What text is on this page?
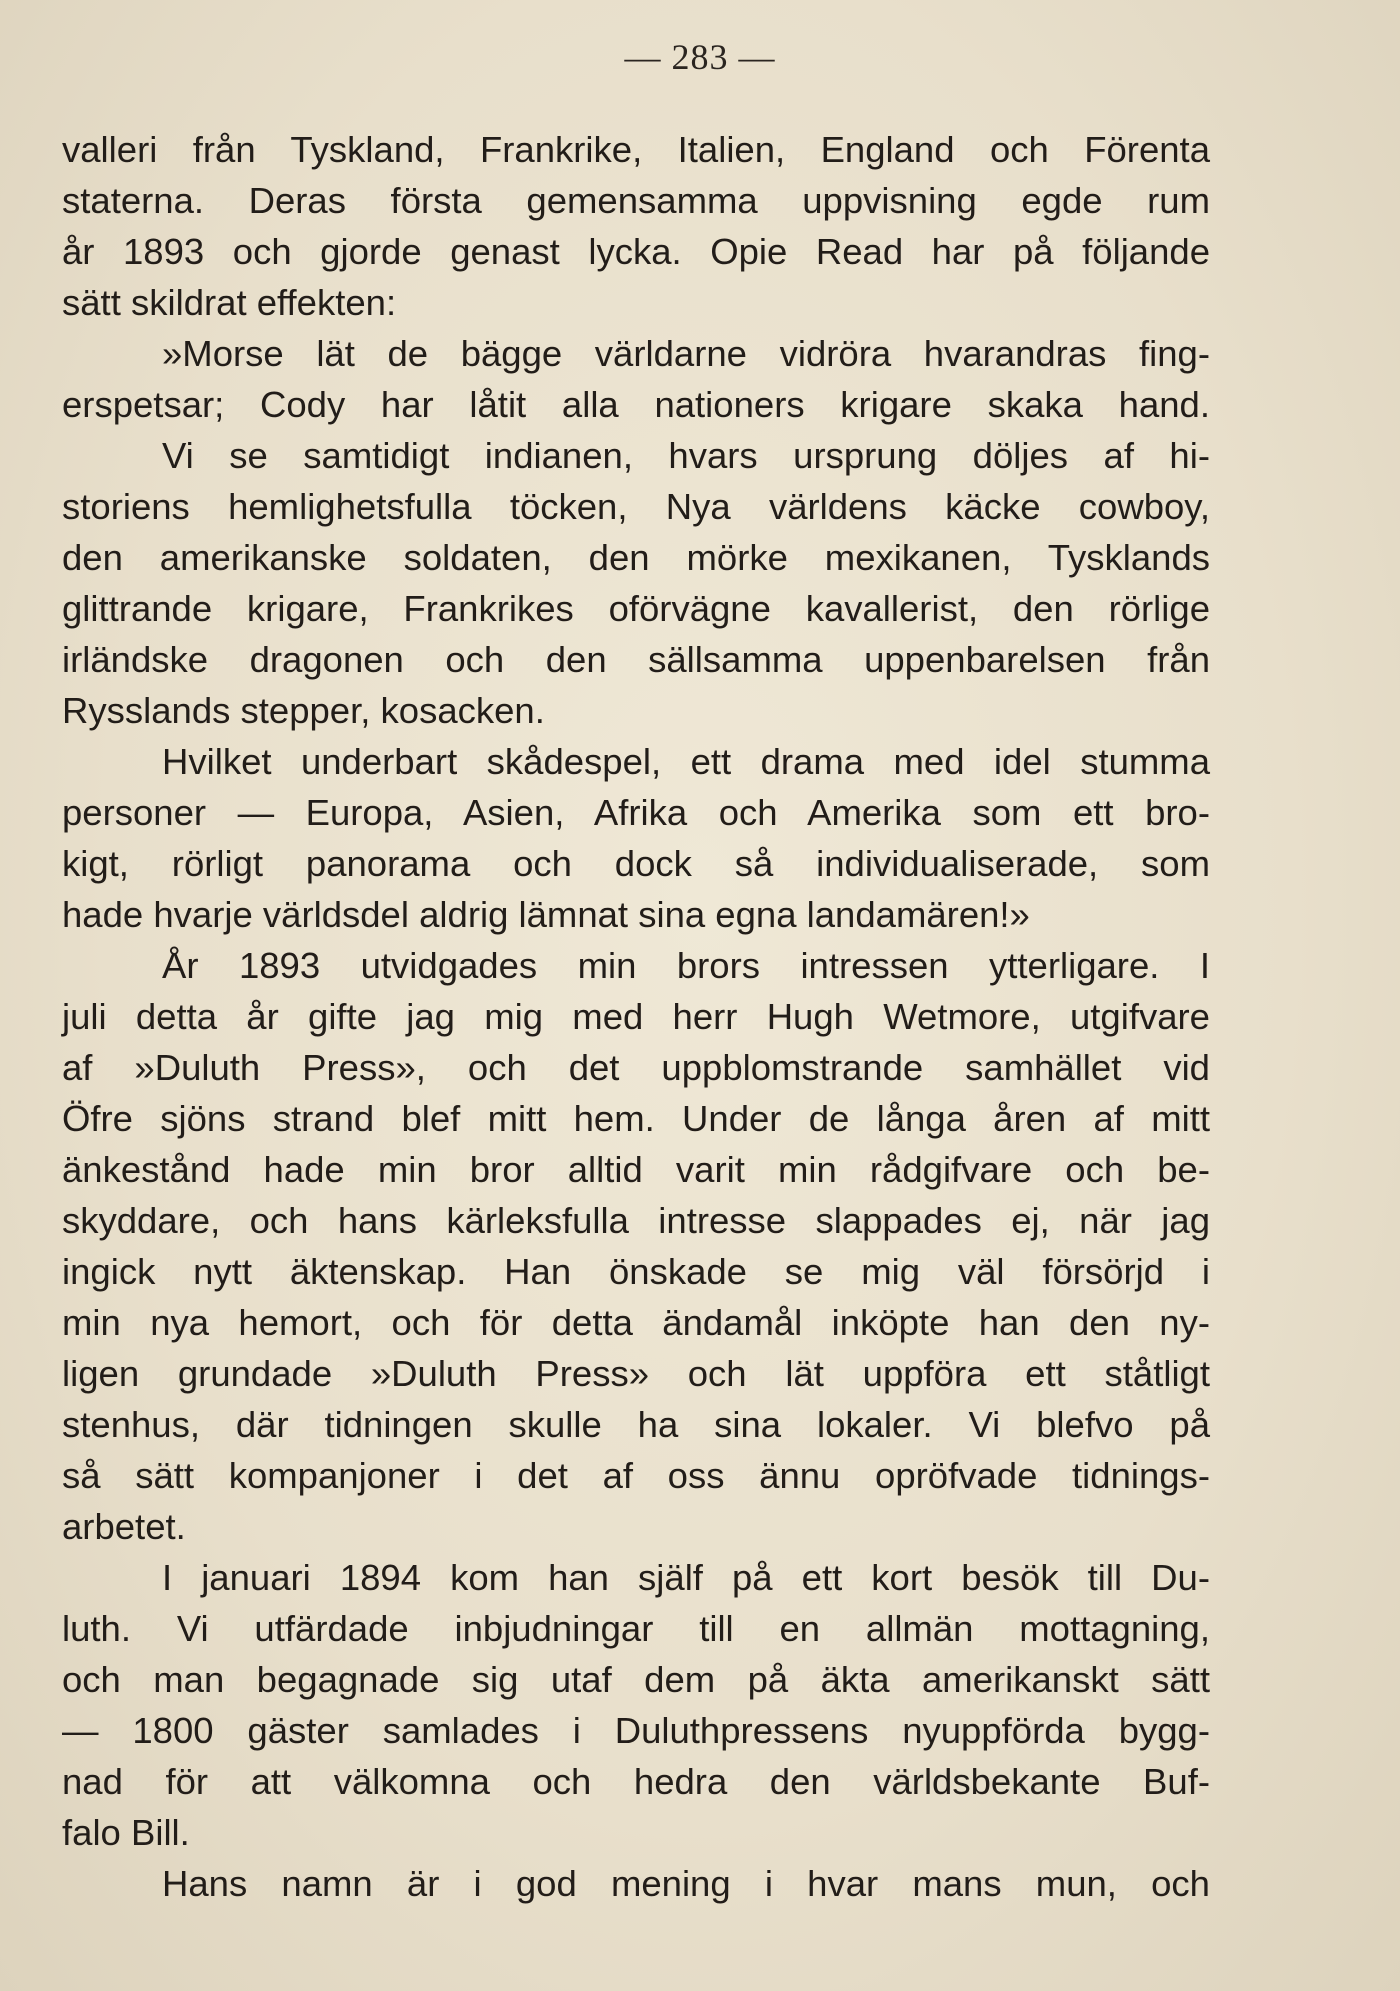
— 283 —
valleri från Tyskland, Frankrike, Italien, England och Förenta
staterna. Deras första gemensamma uppvisning egde rum
år 1893 och gjorde genast lycka. Opie Read har på följande
sätt skildrat effekten:
»Morse lät de bägge världarne vidröra hvarandras fing-
erspetsar; Cody har låtit alla nationers krigare skaka hand.
Vi se samtidigt indianen, hvars ursprung döljes af hi-
storiens hemlighetsfulla töcken, Nya världens käcke cowboy,
den amerikanske soldaten, den mörke mexikanen, Tysklands
glittrande krigare, Frankrikes oförvägne kavallerist, den rörlige
irländske dragonen och den sällsamma uppenbarelsen från
Rysslands stepper, kosacken.
Hvilket underbart skådespel, ett drama med idel stumma
personer — Europa, Asien, Afrika och Amerika som ett bro-
kigt, rörligt panorama och dock så individualiserade, som
hade hvarje världsdel aldrig lämnat sina egna landamären!»
År 1893 utvidgades min brors intressen ytterligare. I
juli detta år gifte jag mig med herr Hugh Wetmore, utgifvare
af »Duluth Press», och det uppblomstrande samhället vid
Öfre sjöns strand blef mitt hem. Under de långa åren af mitt
änkestånd hade min bror alltid varit min rådgifvare och be-
skyddare, och hans kärleksfulla intresse slappades ej, när jag
ingick nytt äktenskap. Han önskade se mig väl försörjd i
min nya hemort, och för detta ändamål inköpte han den ny-
ligen grundade »Duluth Press» och lät uppföra ett ståtligt
stenhus, där tidningen skulle ha sina lokaler. Vi blefvo på
så sätt kompanjoner i det af oss ännu opröfvade tidnings-
arbetet.
I januari 1894 kom han själf på ett kort besök till Du-
luth. Vi utfärdade inbjudningar till en allmän mottagning,
och man begagnade sig utaf dem på äkta amerikanskt sätt
— 1800 gäster samlades i Duluthpressens nyuppförda bygg-
nad för att välkomna och hedra den världsbekante Buf-
falo Bill.
Hans namn är i god mening i hvar mans mun, och
